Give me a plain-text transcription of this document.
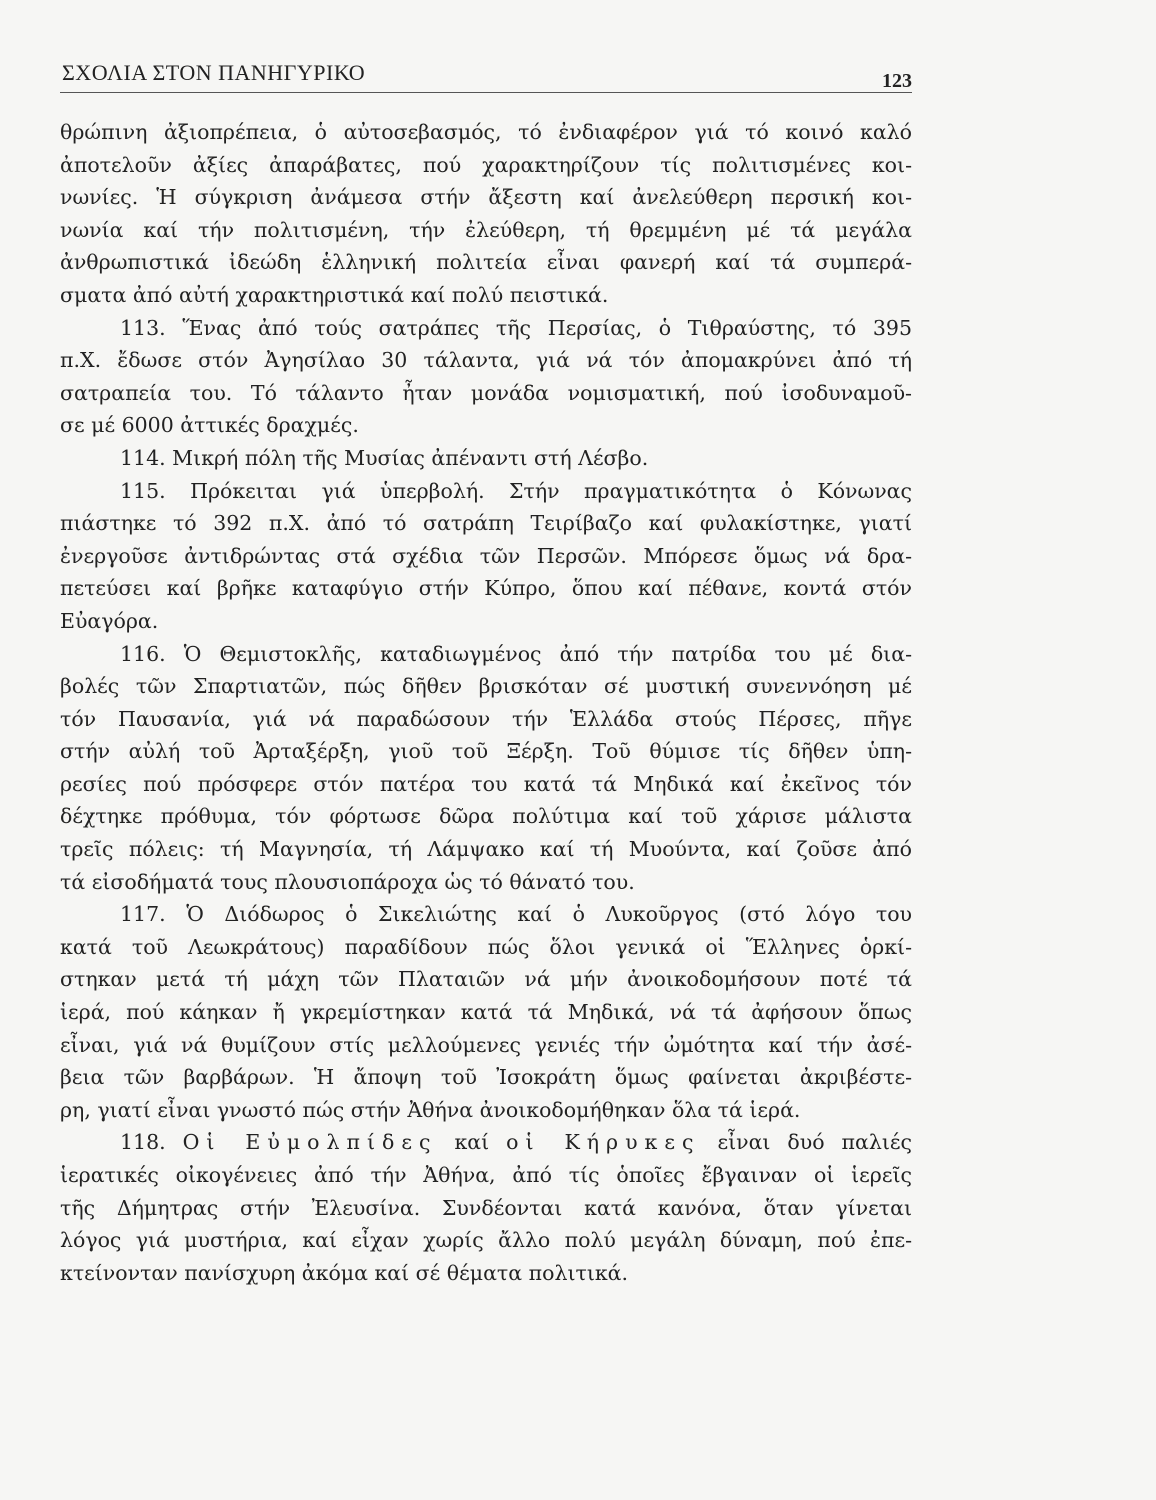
ΣΧΟΛΙΑ ΣΤΟΝ ΠΑΝΗΓΥΡΙΚΟ	123
θρώπινη ἀξιοπρέπεια, ὁ αὐτοσεβασμός, τό ἐνδιαφέρον γιά τό κοινό καλό
ἀποτελοῦν ἀξίες ἀπαράβατες, πού χαρακτηρίζουν τίς πολιτισμένες κοι-
νωνίες. Ἡ σύγκριση ἀνάμεσα στήν ἄξεστη καί ἀνελεύθερη περσική κοι-
νωνία καί τήν πολιτισμένη, τήν ἐλεύθερη, τή θρεμμένη μέ τά μεγάλα
ἀνθρωπιστικά ἰδεώδη ἑλληνική πολιτεία εἶναι φανερή καί τά συμπερά-
σματα ἀπό αὐτή χαρακτηριστικά καί πολύ πειστικά.
113. Ἕνας ἀπό τούς σατράπες τῆς Περσίας, ὁ Τιθραύστης, τό 395
π.Χ. ἔδωσε στόν Ἀγησίλαο 30 τάλαντα, γιά νά τόν ἀπομακρύνει ἀπό τή
σατραπεία του. Τό τάλαντο ἦταν μονάδα νομισματική, πού ἰσοδυναμοῦ-
σε μέ 6000 ἀττικές δραχμές.
114. Μικρή πόλη τῆς Μυσίας ἀπέναντι στή Λέσβο.
115. Πρόκειται γιά ὑπερβολή. Στήν πραγματικότητα ὁ Κόνωνας
πιάστηκε τό 392 π.Χ. ἀπό τό σατράπη Τειρίβαζο καί φυλακίστηκε, γιατί
ἐνεργοῦσε ἀντιδρώντας στά σχέδια τῶν Περσῶν. Μπόρεσε ὅμως νά δρα-
πετεύσει καί βρῆκε καταφύγιο στήν Κύπρο, ὅπου καί πέθανε, κοντά στόν
Εὐαγόρα.
116. Ὁ Θεμιστοκλῆς, καταδιωγμένος ἀπό τήν πατρίδα του μέ δια-
βολές τῶν Σπαρτιατῶν, πώς δῆθεν βρισκόταν σέ μυστική συνεννόηση μέ
τόν Παυσανία, γιά νά παραδώσουν τήν Ἑλλάδα στούς Πέρσες, πῆγε
στήν αὐλή τοῦ Ἀρταξέρξη, γιοῦ τοῦ Ξέρξη. Τοῦ θύμισε τίς δῆθεν ὑπη-
ρεσίες πού πρόσφερε στόν πατέρα του κατά τά Μηδικά καί ἐκεῖνος τόν
δέχτηκε πρόθυμα, τόν φόρτωσε δῶρα πολύτιμα καί τοῦ χάρισε μάλιστα
τρεῖς πόλεις: τή Μαγνησία, τή Λάμψακο καί τή Μυούντα, καί ζοῦσε ἀπό
τά εἰσοδήματά τους πλουσιοπάροχα ὡς τό θάνατό του.
117. Ὁ Διόδωρος ὁ Σικελιώτης καί ὁ Λυκοῦργος (στό λόγο του
κατά τοῦ Λεωκράτους) παραδίδουν πώς ὅλοι γενικά οἱ Ἕλληνες ὁρκί-
στηκαν μετά τή μάχη τῶν Πλαταιῶν νά μήν ἀνοικοδομήσουν ποτέ τά
ἱερά, πού κάηκαν ἤ γκρεμίστηκαν κατά τά Μηδικά, νά τά ἀφήσουν ὅπως
εἶναι, γιά νά θυμίζουν στίς μελλούμενες γενιές τήν ὠμότητα καί τήν ἀσέ-
βεια τῶν βαρβάρων. Ἡ ἄποψη τοῦ Ἰσοκράτη ὅμως φαίνεται ἀκριβέστε-
ρη, γιατί εἶναι γνωστό πώς στήν Ἀθήνα ἀνοικοδομήθηκαν ὅλα τά ἱερά.
118. Οἱ Εὐμολπίδες καί οἱ Κήρυκες εἶναι δυό παλιές
ἱερατικές οἰκογένειες ἀπό τήν Ἀθήνα, ἀπό τίς ὁποῖες ἔβγαιναν οἱ ἱερεῖς
τῆς Δήμητρας στήν Ἐλευσίνα. Συνδέονται κατά κανόνα, ὅταν γίνεται
λόγος γιά μυστήρια, καί εἶχαν χωρίς ἄλλο πολύ μεγάλη δύναμη, πού ἐπε-
κτείνονταν πανίσχυρη ἀκόμα καί σέ θέματα πολιτικά.
